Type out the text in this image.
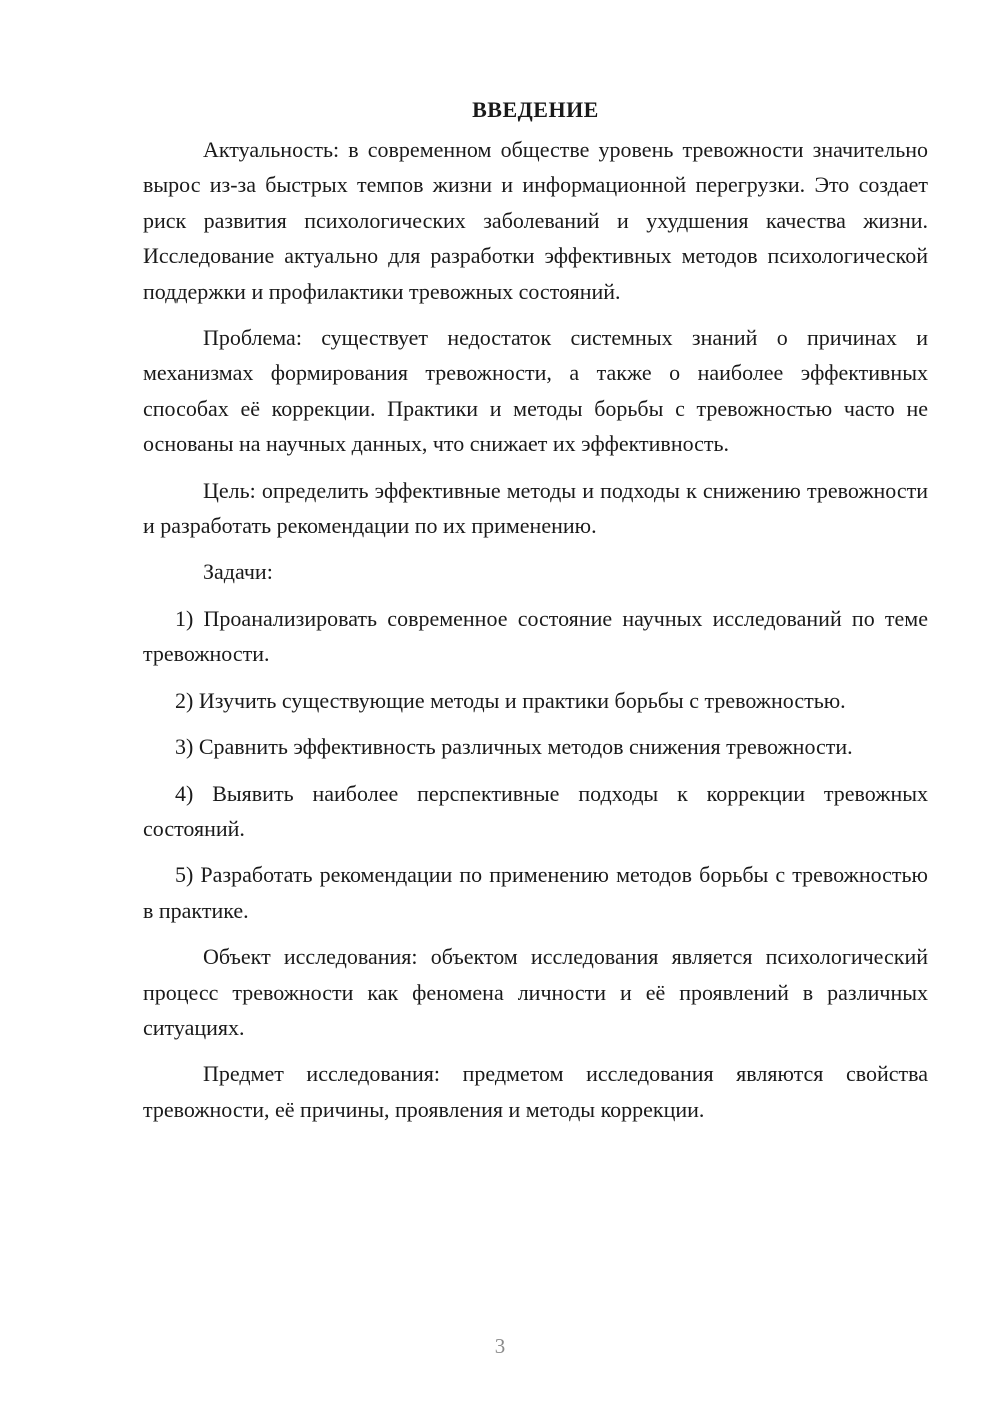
ВВЕДЕНИЕ

Актуальность: в современном обществе уровень тревожности значительно вырос из-за быстрых темпов жизни и информационной перегрузки. Это создает риск развития психологических заболеваний и ухудшения качества жизни. Исследование актуально для разработки эффективных методов психологической поддержки и профилактики тревожных состояний.

Проблема: существует недостаток системных знаний о причинах и механизмах формирования тревожности, а также о наиболее эффективных способах её коррекции. Практики и методы борьбы с тревожностью часто не основаны на научных данных, что снижает их эффективность.

Цель: определить эффективные методы и подходы к снижению тревожности и разработать рекомендации по их применению.

Задачи:

1) Проанализировать современное состояние научных исследований по теме тревожности.

2) Изучить существующие методы и практики борьбы с тревожностью.

3) Сравнить эффективность различных методов снижения тревожности.

4) Выявить наиболее перспективные подходы к коррекции тревожных состояний.

5) Разработать рекомендации по применению методов борьбы с тревожностью в практике.

Объект исследования: объектом исследования является психологический процесс тревожности как феномена личности и её проявлений в различных ситуациях.

Предмет исследования: предметом исследования являются свойства тревожности, её причины, проявления и методы коррекции.

3
